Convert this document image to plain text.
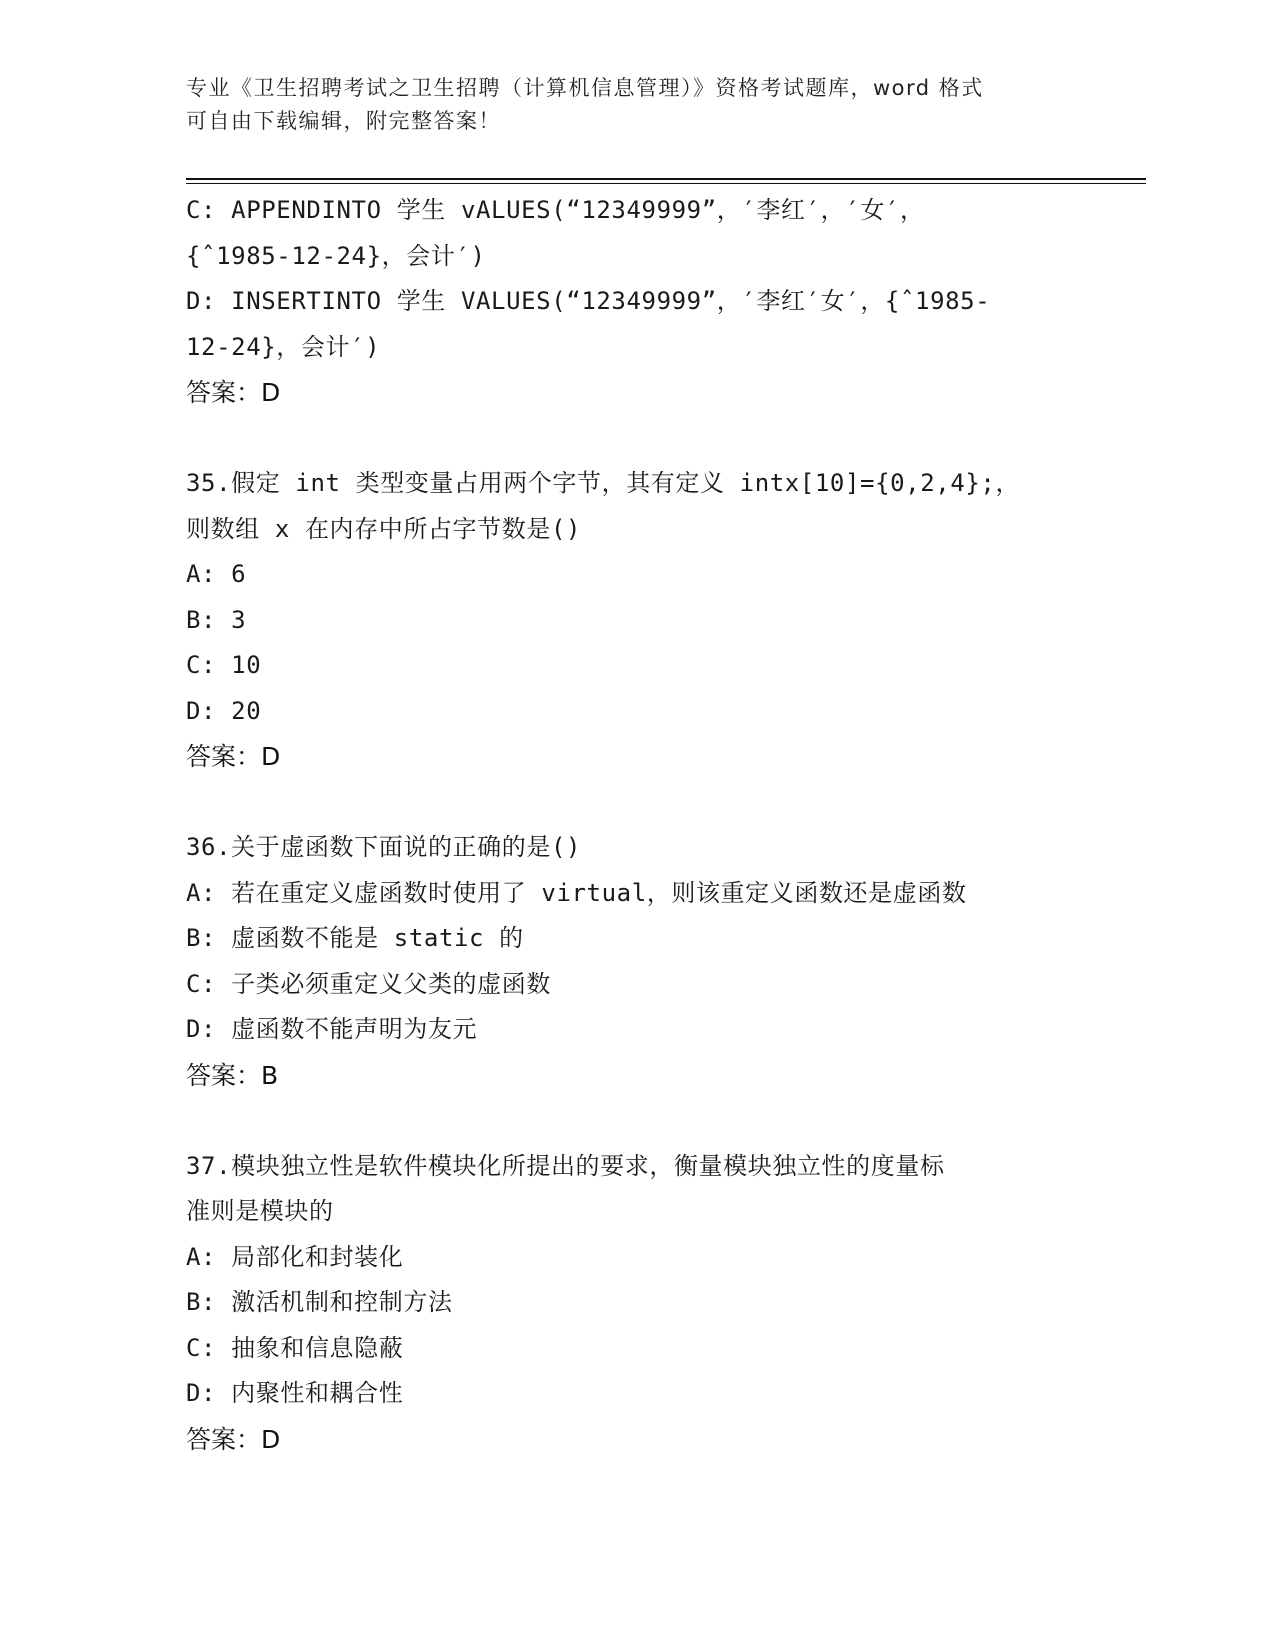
专业《卫生招聘考试之卫生招聘（计算机信息管理）》资格考试题库，word 格式
可自由下载编辑，附完整答案！
C: APPENDINTO 学生 vALUES(“12349999”，′李红′，′女′，
{ˆ1985-12-24}，会计′)
D: INSERTINTO 学生 VALUES(“12349999”，′李红′女′，{ˆ1985-
12-24}，会计′)
答案：D
35.假定 int 类型变量占用两个字节，其有定义 intx[10]={0,2,4};，
则数组 x 在内存中所占字节数是()
A: 6
B: 3
C: 10
D: 20
答案：D
36.关于虚函数下面说的正确的是()
A: 若在重定义虚函数时使用了 virtual，则该重定义函数还是虚函数
B: 虚函数不能是 static 的
C: 子类必须重定义父类的虚函数
D: 虚函数不能声明为友元
答案：B
37.模块独立性是软件模块化所提出的要求，衡量模块独立性的度量标
准则是模块的
A: 局部化和封装化
B: 激活机制和控制方法
C: 抽象和信息隐蔽
D: 内聚性和耦合性
答案：D
